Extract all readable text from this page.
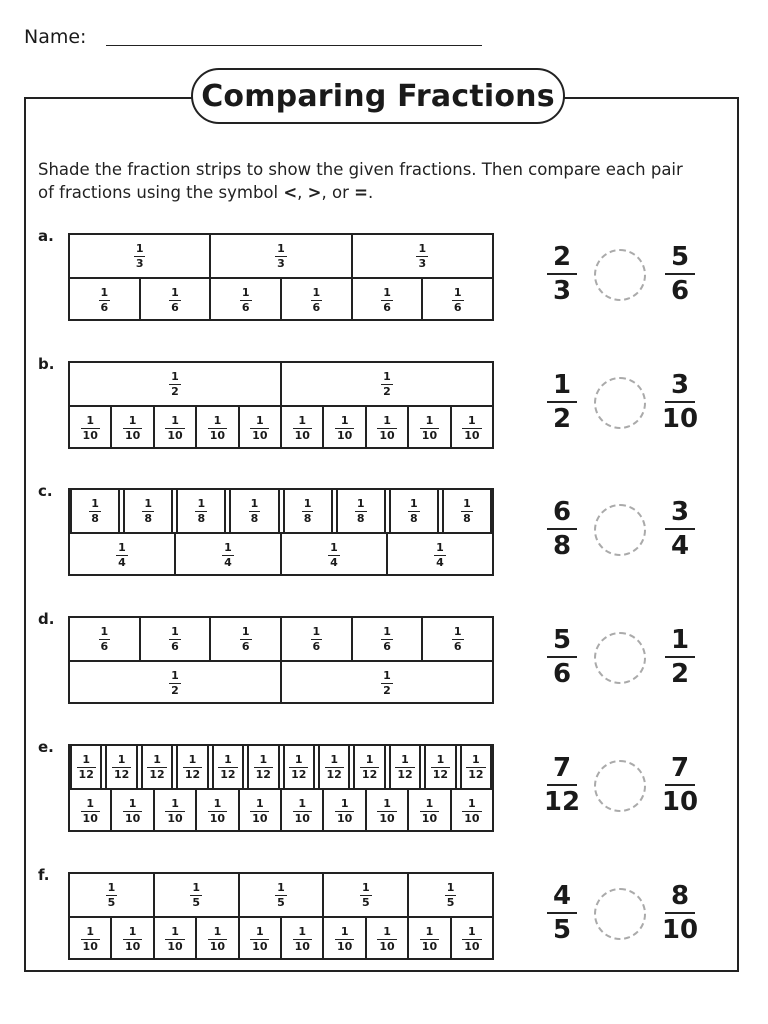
Name:
Comparing Fractions
Shade the fraction strips to show the given fractions. Then compare each pair
of fractions using the symbol <, >, or =.
a.
1
3
1
3
1
3
1
6
1
6
1
6
1
6
1
6
1
6
2
3
5
6
b.
1
2
1
2
1
10
1
10
1
10
1
10
1
10
1
10
1
10
1
10
1
10
1
10
1
2
3
10
c.
1
8
1
8
1
8
1
8
1
8
1
8
1
8
1
8
1
4
1
4
1
4
1
4
6
8
3
4
d.
1
6
1
6
1
6
1
6
1
6
1
6
1
2
1
2
5
6
1
2
e.
1
12
1
12
1
12
1
12
1
12
1
12
1
12
1
12
1
12
1
12
1
12
1
12
1
10
1
10
1
10
1
10
1
10
1
10
1
10
1
10
1
10
1
10
7
12
7
10
f.
1
5
1
5
1
5
1
5
1
5
1
10
1
10
1
10
1
10
1
10
1
10
1
10
1
10
1
10
1
10
4
5
8
10
